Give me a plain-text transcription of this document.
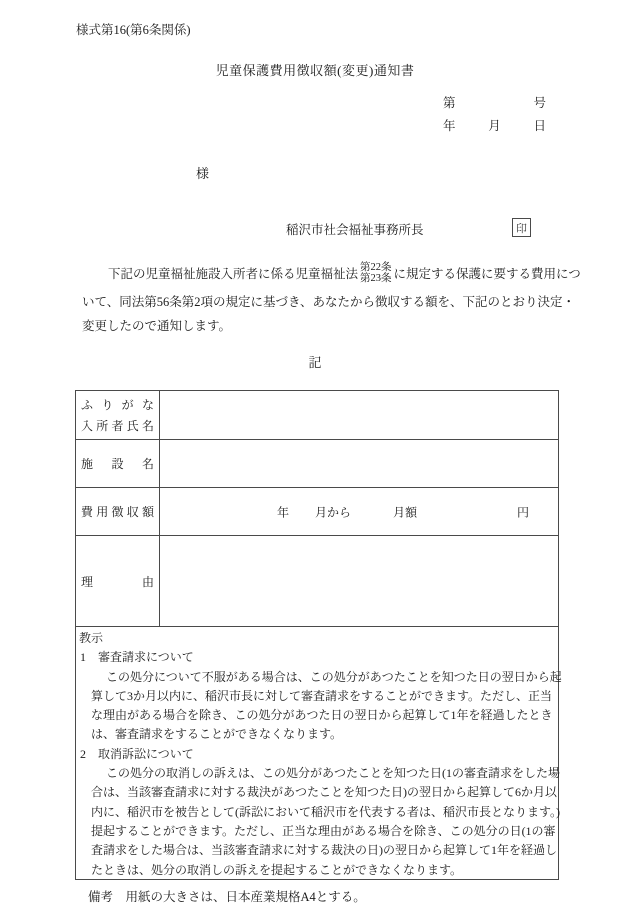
様式第16(第6条関係)
児童保護費用徴収額(変更)通知書
第	号
年	月	日
様
稲沢市社会福祉事務所長	印
下記の児童福祉施設入所者に係る児童福祉法 第22条
第23条 に規定する保護に要する費用につ
いて、同法第56条第2項の規定に基づき、あなたから徴収する額を、下記のとおり決定・
変更したので通知します。
記
ふりがな
入所者氏名
施設名
費用徴収額	年 月から	月額	円
理由
教示
1　審査請求について
この処分について不服がある場合は、この処分があつたことを知つた日の翌日から起
算して3か月以内に、稲沢市長に対して審査請求をすることができます。ただし、正当
な理由がある場合を除き、この処分があつた日の翌日から起算して1年を経過したとき
は、審査請求をすることができなくなります。
2　取消訴訟について
この処分の取消しの訴えは、この処分があつたことを知つた日(1の審査請求をした場
合は、当該審査請求に対する裁決があつたことを知つた日)の翌日から起算して6か月以
内に、稲沢市を被告として(訴訟において稲沢市を代表する者は、稲沢市長となります。)
提起することができます。ただし、正当な理由がある場合を除き、この処分の日(1の審
査請求をした場合は、当該審査請求に対する裁決の日)の翌日から起算して1年を経過し
たときは、処分の取消しの訴えを提起することができなくなります。
備考　用紙の大きさは、日本産業規格A4とする。
